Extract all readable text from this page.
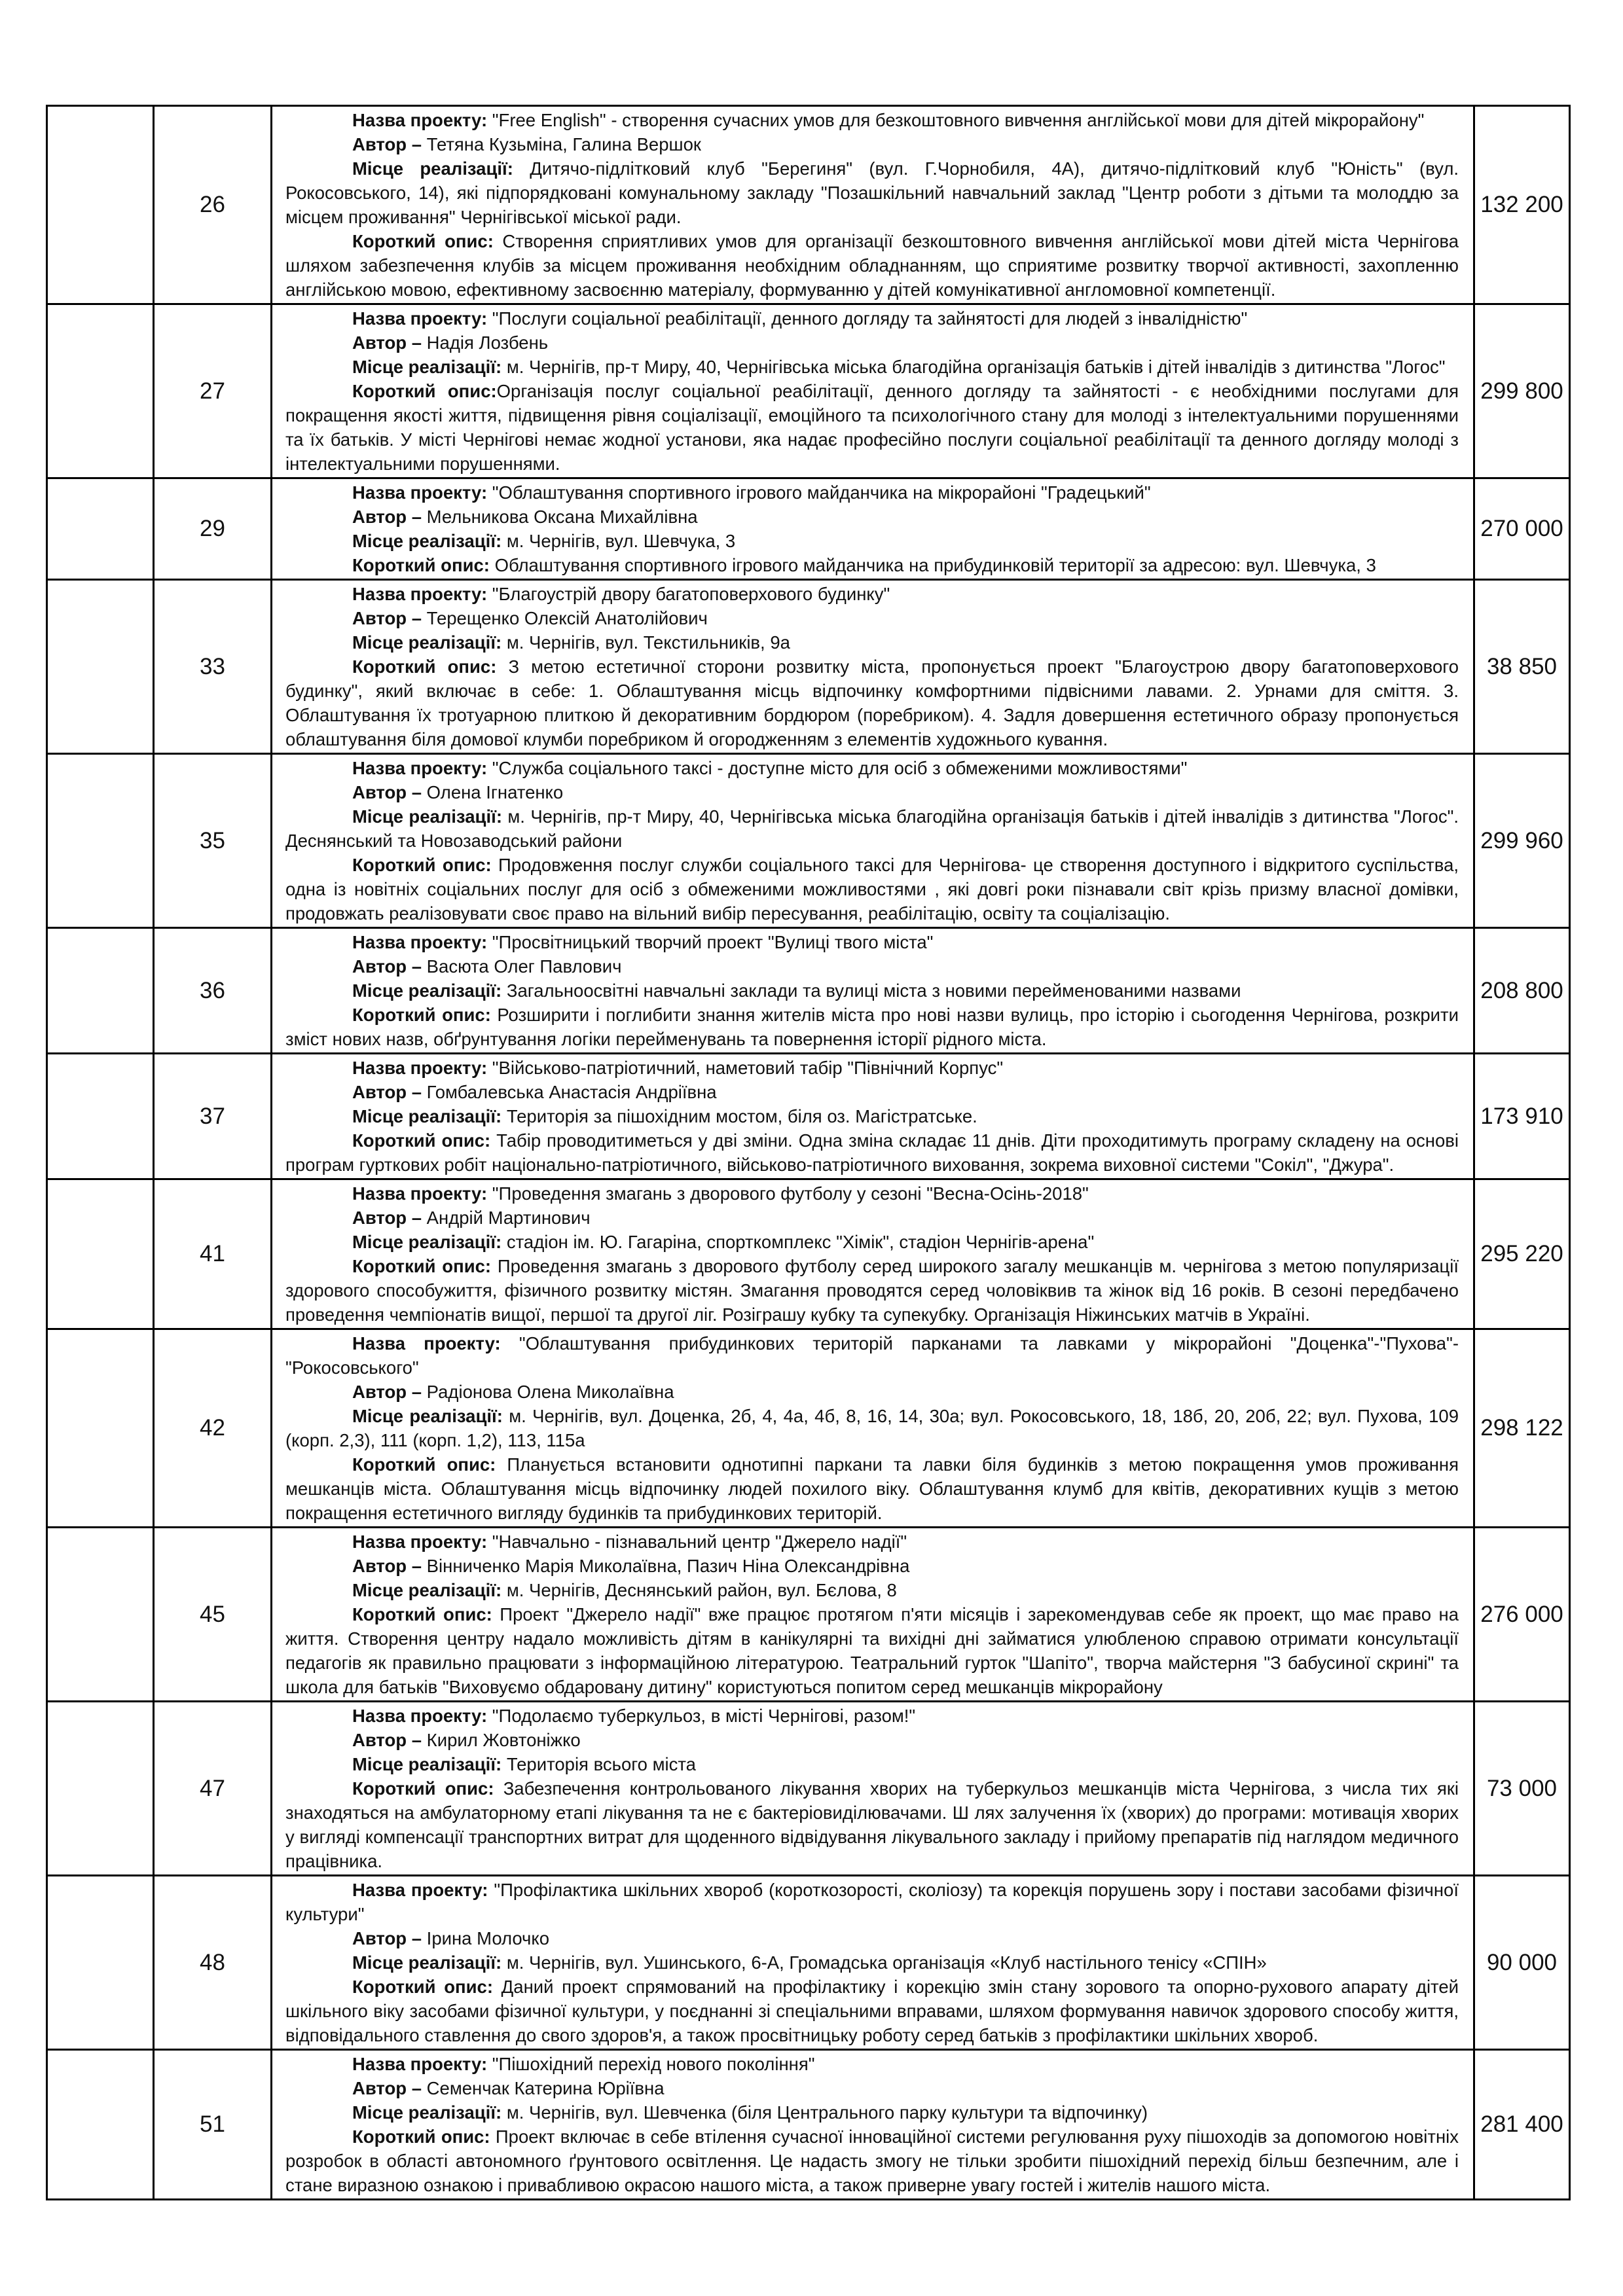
	26	Назва проекту: "Free English" - створення сучасних умов для безкоштовного вивчення англійської мови для дітей мікрорайону"
Автор – Тетяна Кузьміна, Галина Вершок
Місце реалізації: Дитячо-підлітковий клуб "Берегиня" (вул. Г.Чорнобиля, 4А), дитячо-підлітковий клуб "Юність" (вул. Рокосовського, 14), які підпорядковані комунальному закладу "Позашкільний навчальний заклад "Центр роботи з дітьми та молоддю за місцем проживання" Чернігівської міської ради.
Короткий опис: Створення сприятливих умов для організації безкоштовного вивчення англійської мови дітей міста Чернігова шляхом забезпечення клубів за місцем проживання необхідним обладнанням, що сприятиме розвитку творчої активності, захопленню англійською мовою, ефективному засвоєнню матеріалу, формуванню у дітей комунікативної англомовної компетенції.	132 200
	27	Назва проекту: "Послуги соціальної реабілітації, денного догляду та зайнятості для людей з інвалідністю"
Автор – Надія Лозбень
Місце реалізації: м. Чернігів, пр-т Миру, 40, Чернігівська міська благодійна організація батьків і дітей інвалідів з дитинства "Логос"
Короткий опис:Організація послуг соціальної реабілітації, денного догляду та зайнятості - є необхідними послугами для покращення якості життя, підвищення рівня соціалізації, емоційного та психологічного стану для молоді з інтелектуальними порушеннями та їх батьків. У місті Чернігові немає жодної установи, яка надає професійно послуги соціальної реабілітації та денного догляду молоді з інтелектуальними порушеннями.	299 800
	29	Назва проекту: "Облаштування спортивного ігрового майданчика на мікрорайоні "Градецький"
Автор – Мельникова Оксана Михайлівна
Місце реалізації: м. Чернігів, вул. Шевчука, 3
Короткий опис: Облаштування спортивного ігрового майданчика на прибудинковій території за адресою: вул. Шевчука, 3	270 000
	33	Назва проекту: "Благоустрій двору багатоповерхового будинку"
Автор – Терещенко Олексій Анатолійович
Місце реалізації: м. Чернігів, вул. Текстильників, 9а
Короткий опис: З метою естетичної сторони розвитку міста, пропонується проект "Благоустрою двору багатоповерхового будинку", який включає в себе: 1. Облаштування місць відпочинку комфортними підвісними лавами. 2. Урнами для сміття. 3. Облаштування їх тротуарною плиткою й декоративним бордюром (поребриком). 4. Задля довершення естетичного образу пропонується облаштування біля домової клумби поребриком й огородженням з елементів художнього кування.	38 850
	35	Назва проекту: "Служба соціального таксі - доступне місто для осіб з обмеженими можливостями"
Автор – Олена Ігнатенко
Місце реалізації: м. Чернігів, пр-т Миру, 40, Чернігівська міська благодійна організація батьків і дітей інвалідів з дитинства "Логос". Деснянський та Новозаводський райони
Короткий опис: Продовження послуг служби соціального таксі для Чернігова- це створення доступного і відкритого суспільства, одна із новітніх соціальних послуг для осіб з обмеженими можливостями , які довгі роки пізнавали світ крізь призму власної домівки, продовжать реалізовувати своє право на вільний вибір пересування, реабілітацію, освіту та соціалізацію.	299 960
	36	Назва проекту: "Просвітницький творчий проект "Вулиці твого міста"
Автор – Васюта Олег Павлович
Місце реалізації: Загальноосвітні навчальні заклади та вулиці міста з новими перейменованими назвами
Короткий опис: Розширити і поглибити знання жителів міста про нові назви вулиць, про історію і сьогодення Чернігова, розкрити зміст нових назв, обґрунтування логіки перейменувань та повернення історії рідного міста.	208 800
	37	Назва проекту: "Військово-патріотичний, наметовий табір "Північний Корпус"
Автор – Гомбалевська Анастасія Андріївна
Місце реалізації: Територія за пішохідним мостом, біля оз. Магістратське.
Короткий опис: Табір проводитиметься у дві зміни. Одна зміна складає 11 днів. Діти проходитимуть програму складену на основі програм гурткових робіт національно-патріотичного, військово-патріотичного виховання, зокрема виховної системи "Сокіл", "Джура".	173 910
	41	Назва проекту: "Проведення змагань з дворового футболу у сезоні "Весна-Осінь-2018"
Автор – Андрій Мартинович
Місце реалізації: стадіон ім. Ю. Гагаріна, спорткомплекс "Хімік", стадіон Чернігів-арена"
Короткий опис: Проведення змагань з дворового футболу серед широкого загалу мешканців м. чернігова з метою популяризації здорового способужиття, фізичного розвитку містян. Змагання проводятся серед чоловіквив та жінок від 16 років. В сезоні передбачено проведення чемпіонатів вищої, першої та другої ліг. Розіграшу кубку та супекубку. Організація Ніжинських матчів в Україні.	295 220
	42	Назва проекту: "Облаштування прибудинкових територій парканами та лавками у мікрорайоні "Доценка"-"Пухова"- "Рокосовського"
Автор – Радіонова Олена Миколаївна
Місце реалізації: м. Чернігів, вул. Доценка, 2б, 4, 4а, 4б, 8, 16, 14, 30а; вул. Рокосовського, 18, 18б, 20, 20б, 22; вул. Пухова, 109 (корп. 2,3), 111 (корп. 1,2), 113, 115а
Короткий опис: Планується встановити однотипні паркани та лавки біля будинків з метою покращення умов проживання мешканців міста. Облаштування місць відпочинку людей похилого віку. Облаштування клумб для квітів, декоративних кущів з метою покращення естетичного вигляду будинків та прибудинкових територій.	298 122
	45	Назва проекту: "Навчально - пізнавальний центр "Джерело надії"
Автор – Вінниченко Марія Миколаївна, Пазич Ніна Олександрівна
Місце реалізації: м. Чернігів, Деснянський район, вул. Бєлова, 8
Короткий опис: Проект "Джерело надії" вже працює протягом п'яти місяців і зарекомендував себе як проект, що має право на життя. Створення центру надало можливість дітям в канікулярні та вихідні дні займатися улюбленою справою отримати консультації педагогів як правильно працювати з інформаційною літературою. Театральний гурток "Шапіто", творча майстерня "З бабусиної скрині" та школа для батьків "Виховуємо обдаровану дитину" користуються попитом серед мешканців мікрорайону	276 000
	47	Назва проекту: "Подолаємо туберкульоз, в місті Чернігові, разом!"
Автор – Кирил Жовтоніжко
Місце реалізації: Територія всього міста
Короткий опис: Забезпечення контрольованого лікування хворих на туберкульоз мешканців міста Чернігова, з числа тих які знаходяться на амбулаторному етапі лікування та не є бактеріовиділювачами. Ш лях залучення їх (хворих) до програми: мотивація хворих у вигляді компенсації транспортних витрат для щоденного відвідування лікувального закладу і прийому препаратів під наглядом медичного працівника.	73 000
	48	Назва проекту: "Профілактика шкільних хвороб (короткозорості, сколіозу) та корекція порушень зору і постави засобами фізичної культури"
Автор – Ірина Молочко
Місце реалізації: м. Чернігів, вул. Ушинського, 6-А, Громадська організація «Клуб настільного тенісу «СПІН»
Короткий опис: Даний проект спрямований на профілактику і корекцію змін стану зорового та опорно-рухового апарату дітей шкільного віку засобами фізичної культури, у поєднанні зі спеціальними вправами, шляхом формування навичок здорового способу життя, відповідального ставлення до свого здоров'я, а також просвітницьку роботу серед батьків з профілактики шкільних хвороб.	90 000
	51	Назва проекту: "Пішохідний перехід нового покоління"
Автор – Семенчак Катерина Юріївна
Місце реалізації: м. Чернігів, вул. Шевченка (біля Центрального парку культури та відпочинку)
Короткий опис: Проект включає в себе втілення сучасної інноваційної системи регулювання руху пішоходів за допомогою новітніх розробок в області автономного ґрунтового освітлення. Це надасть змогу не тільки зробити пішохідний перехід більш безпечним, але і стане виразною ознакою і привабливою окрасою нашого міста, а також приверне увагу гостей і жителів нашого міста.	281 400
